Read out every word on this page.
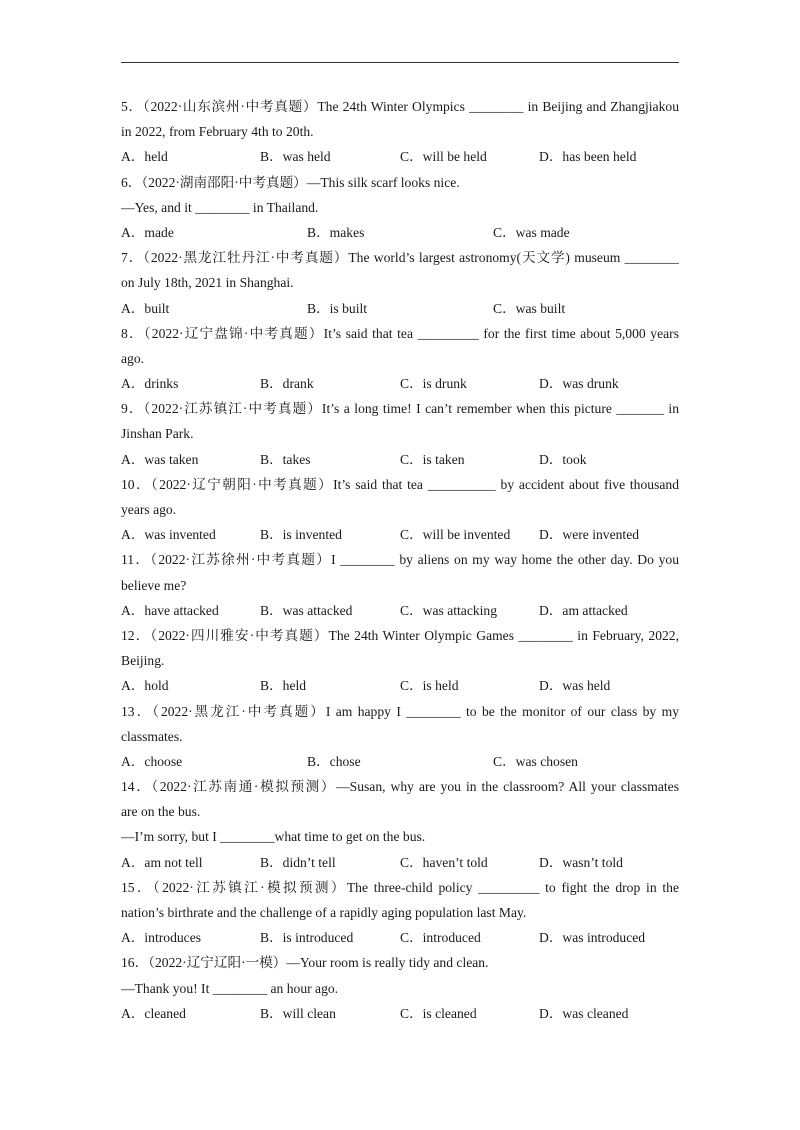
5．（2022·山东滨州·中考真题）The 24th Winter Olympics ________ in Beijing and Zhangjiakou
in 2022, from February 4th to 20th.
A．held	B．was held	C．will be held	D．has been held
6．（2022·湖南邵阳·中考真题）—This silk scarf looks nice.
—Yes, and it ________ in Thailand.
A．made	B．makes	C．was made
7．（2022·黑龙江牡丹江·中考真题）The world’s largest astronomy(天文学) museum ________
on July 18th, 2021 in Shanghai.
A．built	B．is built	C．was built
8．（2022·辽宁盘锦·中考真题）It’s said that tea _________ for the first time about 5,000 years
ago.
A．drinks	B．drank	C．is drunk	D．was drunk
9．（2022·江苏镇江·中考真题）It’s a long time! I can’t remember when this picture _______ in
Jinshan Park.
A．was taken	B．takes	C．is taken	D．took
10．（2022·辽宁朝阳·中考真题）It’s said that tea __________ by accident about five thousand
years ago.
A．was invented	B．is invented	C．will be invented D．were invented
11．（2022·江苏徐州·中考真题）I ________ by aliens on my way home the other day. Do you
believe me?
A．have attacked	B．was attacked	C．was attacking	D．am attacked
12．（2022·四川雅安·中考真题）The 24th Winter Olympic Games ________ in February, 2022,
Beijing.
A．hold	B．held	C．is held	D．was held
13．（2022·黑龙江·中考真题）I am happy I ________ to be the monitor of our class by my
classmates.
A．choose	B．chose	C．was chosen
14．（2022·江苏南通·模拟预测）—Susan, why are you in the classroom? All your classmates
are on the bus.
—I’m sorry, but I ________what time to get on the bus.
A．am not tell	B．didn’t tell	C．haven’t told	D．wasn’t told
15．（2022·江苏镇江·模拟预测）The three-child policy _________ to fight the drop in the
nation’s birthrate and the challenge of a rapidly aging population last May.
A．introduces	B．is introduced	C．introduced	D．was introduced
16．（2022·辽宁辽阳·一模）—Your room is really tidy and clean.
—Thank you! It ________ an hour ago.
A．cleaned	B．will clean	C．is cleaned	D．was cleaned
